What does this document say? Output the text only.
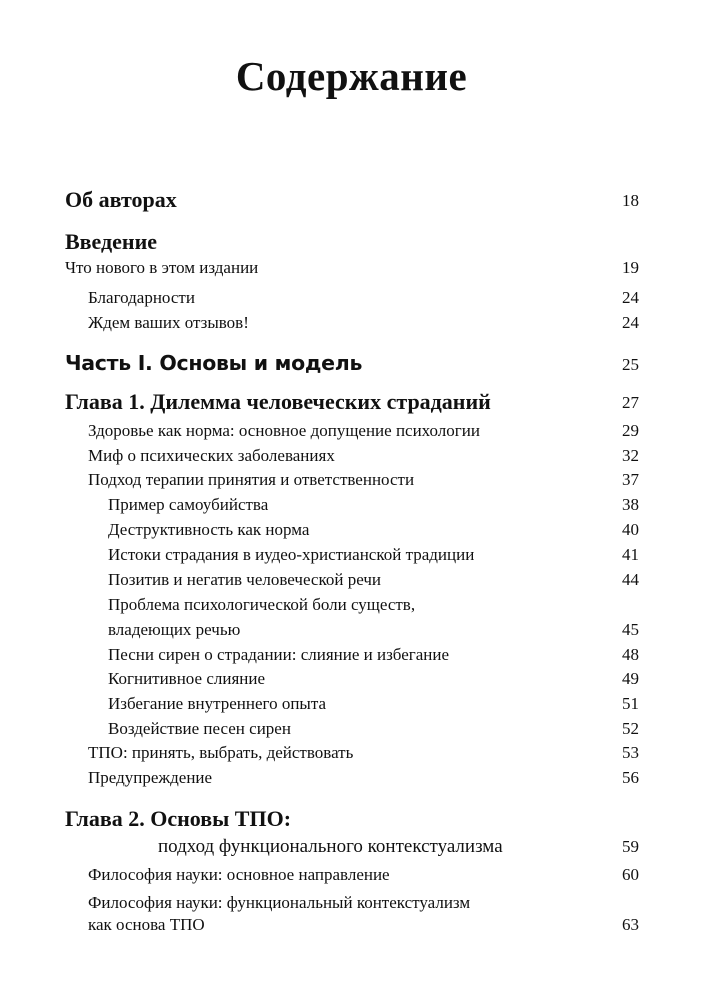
Содержание
Об авторах	18
Введение
Что нового в этом издании	19
Благодарности	24
Ждем ваших отзывов!	24
Часть I. Основы и модель	25
Глава 1. Дилемма человеческих страданий	27
Здоровье как норма: основное допущение психологии	29
Миф о психических заболеваниях	32
Подход терапии принятия и ответственности	37
Пример самоубийства	38
Деструктивность как норма	40
Истоки страдания в иудео-христианской традиции	41
Позитив и негатив человеческой речи	44
Проблема психологической боли существ,
владеющих речью	45
Песни сирен о страдании: слияние и избегание	48
Когнитивное слияние	49
Избегание внутреннего опыта	51
Воздействие песен сирен	52
ТПО: принять, выбрать, действовать	53
Предупреждение	56
Глава 2. Основы ТПО:
подход функционального контекстуализма	59
Философия науки: основное направление	60
Философия науки: функциональный контекстуализм
как основа ТПО	63
